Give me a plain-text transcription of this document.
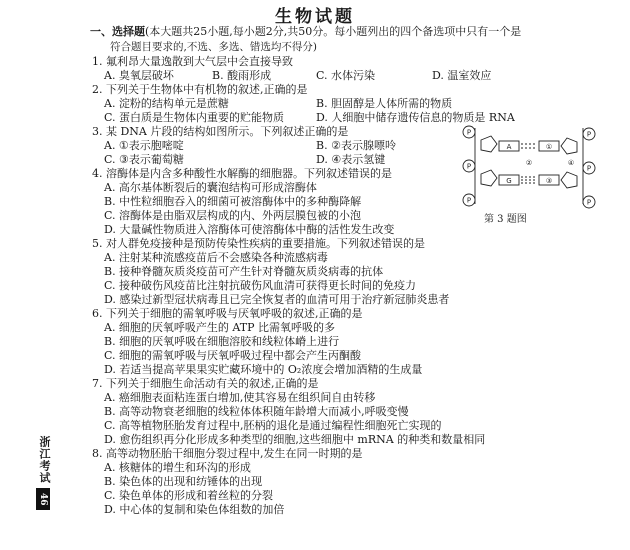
生物试题
一、选择题(本大题共25小题,每小题2分,共50分。每小题列出的四个备选项中只有一个是
符合题目要求的,不选、多选、错选均不得分)
1. 氟利昂大量逸散到大气层中会直接导致
A. 臭氧层破坏	B. 酸雨形成	C. 水体污染	D. 温室效应
2. 下列关于生物体中有机物的叙述,正确的是
A. 淀粉的结构单元是蔗糖	B. 胆固醇是人体所需的物质
C. 蛋白质是生物体内重要的贮能物质	D. 人细胞中储存遗传信息的物质是 RNA
3. 某 DNA 片段的结构如图所示。下列叙述正确的是
A. ①表示胞嘧啶	B. ②表示腺嘌呤
C. ③表示葡萄糖	D. ④表示氢键
P
P
P
P
P
P
A	①
G	③
②	④
第 3 题图
4. 溶酶体是内含多种酸性水解酶的细胞器。下列叙述错误的是
A. 高尔基体断裂后的囊泡结构可形成溶酶体
B. 中性粒细胞吞入的细菌可被溶酶体中的多种酶降解
C. 溶酶体是由脂双层构成的内、外两层膜包被的小泡
D. 大量碱性物质进入溶酶体可使溶酶体中酶的活性发生改变
5. 对人群免疫接种是预防传染性疾病的重要措施。下列叙述错误的是
A. 注射某种流感疫苗后不会感染各种流感病毒
B. 接种脊髓灰质炎疫苗可产生针对脊髓灰质炎病毒的抗体
C. 接种破伤风疫苗比注射抗破伤风血清可获得更长时间的免疫力
D. 感染过新型冠状病毒且已完全恢复者的血清可用于治疗新冠肺炎患者
6. 下列关于细胞的需氧呼吸与厌氧呼吸的叙述,正确的是
A. 细胞的厌氧呼吸产生的 ATP 比需氧呼吸的多
B. 细胞的厌氧呼吸在细胞溶胶和线粒体嵴上进行
C. 细胞的需氧呼吸与厌氧呼吸过程中都会产生丙酮酸
D. 若适当提高苹果果实贮藏环境中的 O₂浓度会增加酒精的生成量
7. 下列关于细胞生命活动有关的叙述,正确的是
A. 癌细胞表面粘连蛋白增加,使其容易在组织间自由转移
B. 高等动物衰老细胞的线粒体体积随年龄增大而减小,呼吸变慢
C. 高等植物胚胎发育过程中,胚柄的退化是通过编程性细胞死亡实现的
D. 愈伤组织再分化形成多种类型的细胞,这些细胞中 mRNA 的种类和数量相同
8. 高等动物胚胎干细胞分裂过程中,发生在同一时期的是
A. 核糖体的增生和环沟的形成
B. 染色体的出现和纺锤体的出现
C. 染色单体的形成和着丝粒的分裂
D. 中心体的复制和染色体组数的加倍
浙江考试
46
